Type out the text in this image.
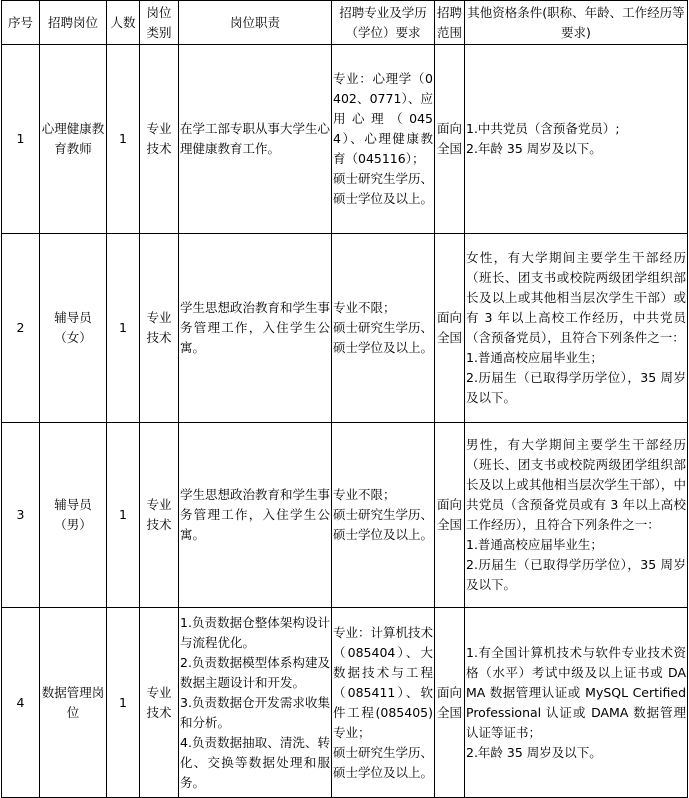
序号	招聘岗位	人数	岗位类别	岗位职责	招聘专业及学历（学位）要求	招聘范围	其他资格条件(职称、年龄、工作经历等要求)
1	心理健康教育教师	1	专业技术	在学工部专职从事大学生心理健康教育工作。	专业：心理学（0402、0771）、应用心理（0454）、心理健康教育（045116）；
硕士研究生学历、硕士学位及以上。	面向全国	1.中共党员（含预备党员）;
2.年龄 35 周岁及以下。

2	辅导员（女）	1	专业技术	学生思想政治教育和学生事务管理工作，入住学生公寓。	专业不限；
硕士研究生学历、硕士学位及以上。	面向全国	女性，有大学期间主要学生干部经历（班长、团支书或校院两级团学组织部长及以上或其他相当层次学生干部）或有 3 年以上高校工作经历，中共党员（含预备党员），且符合下列条件之一：
1.普通高校应届毕业生；
2.历届生（已取得学历学位），35 周岁及以下。

3	辅导员（男）	1	专业技术	学生思想政治教育和学生事务管理工作，入住学生公寓。	专业不限；
硕士研究生学历、硕士学位及以上。	面向全国	男性，有大学期间主要学生干部经历（班长、团支书或校院两级团学组织部长及以上或其他相当层次学生干部），中共党员（含预备党员或有 3 年以上高校工作经历），且符合下列条件之一：
1.普通高校应届毕业生；
2.历届生（已取得学历学位），35 周岁及以下。

4	数据管理岗位	1	专业技术	1.负责数据仓整体架构设计与流程优化。
2.负责数据模型体系构建及数据主题设计和开发。
3.负责数据仓开发需求收集和分析。
4.负责数据抽取、清洗、转化、交换等数据处理和服务。	专业：计算机技术（085404）、大数据技术与工程（085411）、软件工程(085405)专业；
硕士研究生学历、硕士学位及以上。	面向全国	1.有全国计算机技术与软件专业技术资格（水平）考试中级及以上证书或 DAMA 数据管理认证或 MySQL Certified Professional 认证或 DAMA 数据管理认证等证书；
2.年龄 35 周岁及以下。
